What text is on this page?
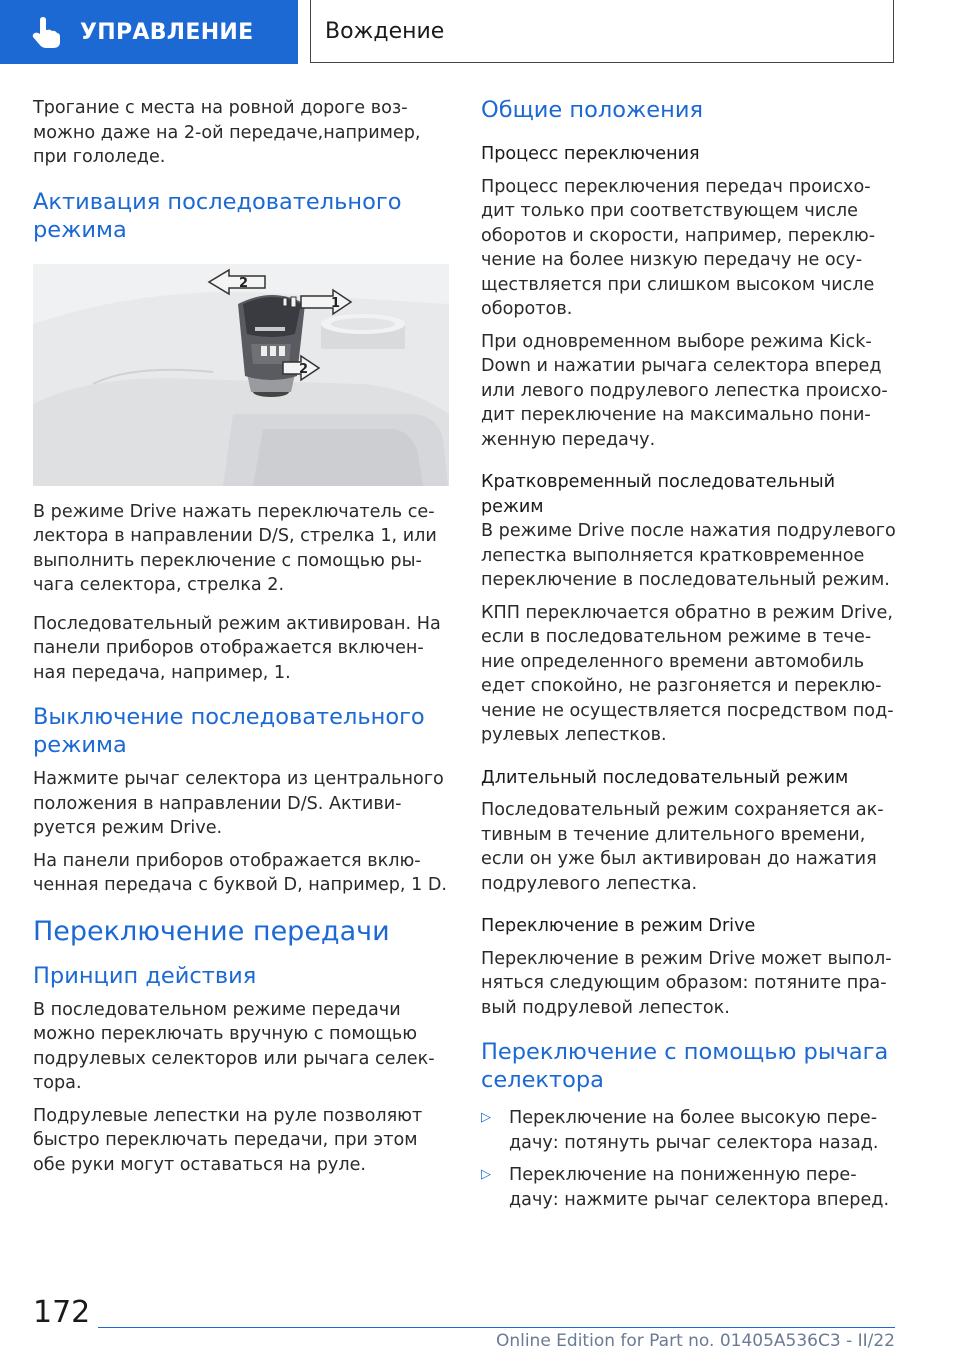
УПРАВЛЕНИЕ	Вождение

Трогание с места на ровной дороге возможно даже на 2-ой передаче,например, при гололеде.

Активация последовательного режима
1
2
2

В режиме Drive нажать переключатель селектора в направлении D/S, стрелка 1, или выполнить переключение с помощью рычага селектора, стрелка 2.

Последовательный режим активирован. На панели приборов отображается включенная передача, например, 1.

Выключение последовательного режима

Нажмите рычаг селектора из центрального положения в направлении D/S. Активируется режим Drive.

На панели приборов отображается включенная передача с буквой D, например, 1 D.

Переключение передачи
Принцип действия

В последовательном режиме передачи можно переключать вручную с помощью подрулевых селекторов или рычага селектора.

Подрулевые лепестки на руле позволяют быстро переключать передачи, при этом обе руки могут оставаться на руле.

Общие положения
Процесс переключения

Процесс переключения передач происходит только при соответствующем числе оборотов и скорости, например, переключение на более низкую передачу не осуществляется при слишком высоком числе оборотов.

При одновременном выборе режима KickDown и нажатии рычага селектора вперед или левого подрулевого лепестка происходит переключение на максимально пониженную передачу.

Кратковременный последовательный режим

В режиме Drive после нажатия подрулевого лепестка выполняется кратковременное переключение в последовательный режим.

КПП переключается обратно в режим Drive, если в последовательном режиме в течение определенного времени автомобиль едет спокойно, не разгоняется и переключение не осуществляется посредством подрулевых лепестков.

Длительный последовательный режим

Последовательный режим сохраняется активным в течение длительного времени, если он уже был активирован до нажатия подрулевого лепестка.

Переключение в режим Drive

Переключение в режим Drive может выполняться следующим образом: потяните правый подрулевой лепесток.

Переключение с помощью рычага селектора
▷	Переключение на более высокую передачу: потянуть рычаг селектора назад.

▷	Переключение на пониженную передачу: нажмите рычаг селектора вперед.

172
Online Edition for Part no. 01405A536C3 - II/22
